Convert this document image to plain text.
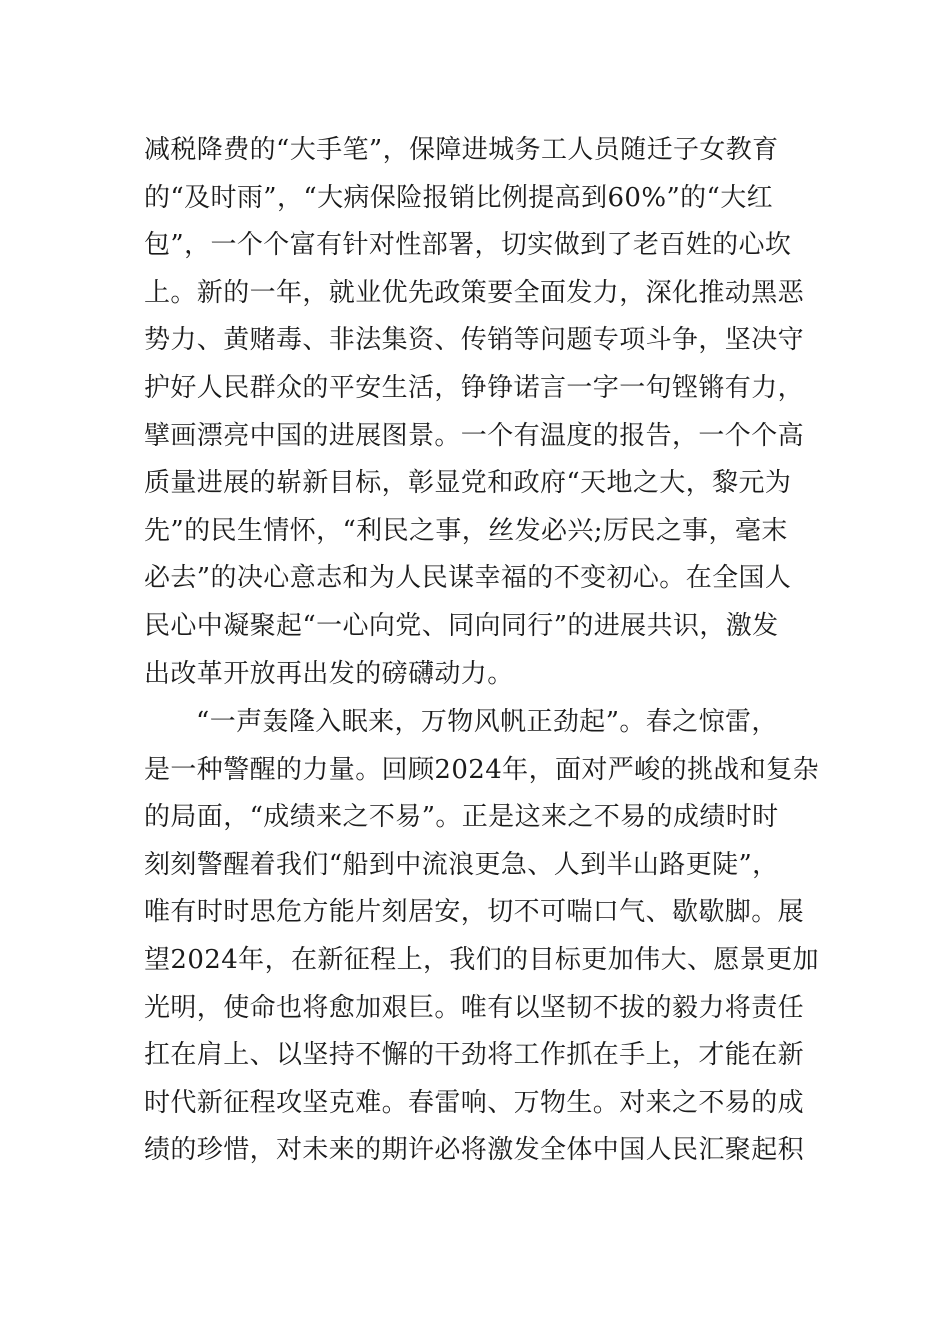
减税降费的“大手笔”，保障进城务工人员随迁子女教育
的“及时雨”，“大病保险报销比例提高到60%”的“大红
包”，一个个富有针对性部署，切实做到了老百姓的心坎
上。新的一年，就业优先政策要全面发力，深化推动黑恶
势力、黄赌毒、非法集资、传销等问题专项斗争，坚决守
护好人民群众的平安生活，铮铮诺言一字一句铿锵有力，
擘画漂亮中国的进展图景。一个有温度的报告，一个个高
质量进展的崭新目标，彰显党和政府“天地之大，黎元为
先”的民生情怀，“利民之事，丝发必兴;厉民之事，毫末
必去”的决心意志和为人民谋幸福的不变初心。在全国人
民心中凝聚起“一心向党、同向同行”的进展共识，激发
出改革开放再出发的磅礴动力。
“一声轰隆入眠来，万物风帆正劲起”。春之惊雷，
是一种警醒的力量。回顾2024年，面对严峻的挑战和复杂
的局面，“成绩来之不易”。正是这来之不易的成绩时时
刻刻警醒着我们“船到中流浪更急、人到半山路更陡”，
唯有时时思危方能片刻居安，切不可喘口气、歇歇脚。展
望2024年，在新征程上，我们的目标更加伟大、愿景更加
光明，使命也将愈加艰巨。唯有以坚韧不拔的毅力将责任
扛在肩上、以坚持不懈的干劲将工作抓在手上，才能在新
时代新征程攻坚克难。春雷响、万物生。对来之不易的成
绩的珍惜，对未来的期许必将激发全体中国人民汇聚起积
